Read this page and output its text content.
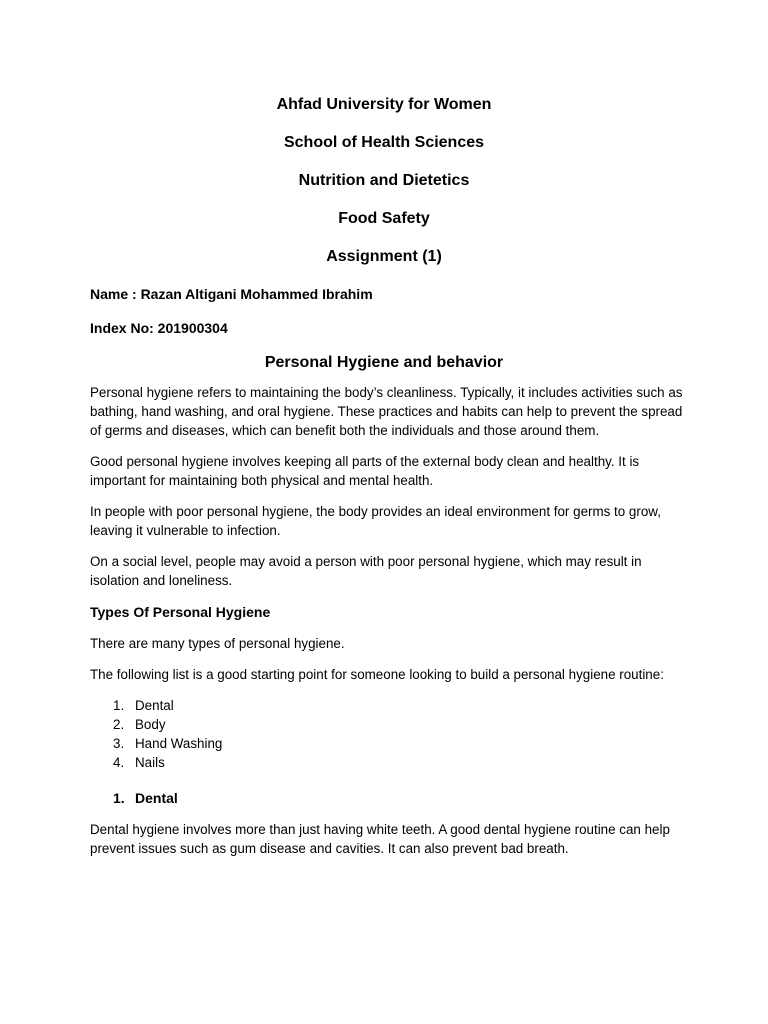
Ahfad University for Women
School of Health Sciences
Nutrition and Dietetics
Food Safety
Assignment (1)
Name : Razan Altigani Mohammed Ibrahim
Index No: 201900304
Personal Hygiene and behavior

Personal hygiene refers to maintaining the body’s cleanliness. Typically, it includes activities such as bathing, hand washing, and oral hygiene. These practices and habits can help to prevent the spread of germs and diseases, which can benefit both the individuals and those around them.

Good personal hygiene involves keeping all parts of the external body clean and healthy. It is important for maintaining both physical and mental health.

In people with poor personal hygiene, the body provides an ideal environment for germs to grow, leaving it vulnerable to infection.

On a social level, people may avoid a person with poor personal hygiene, which may result in isolation and loneliness.

Types Of Personal Hygiene

There are many types of personal hygiene.

The following list is a good starting point for someone looking to build a personal hygiene routine:

1. Dental
2. Body
3. Hand Washing
4. Nails
1. Dental

Dental hygiene involves more than just having white teeth. A good dental hygiene routine can help prevent issues such as gum disease and cavities. It can also prevent bad breath.
